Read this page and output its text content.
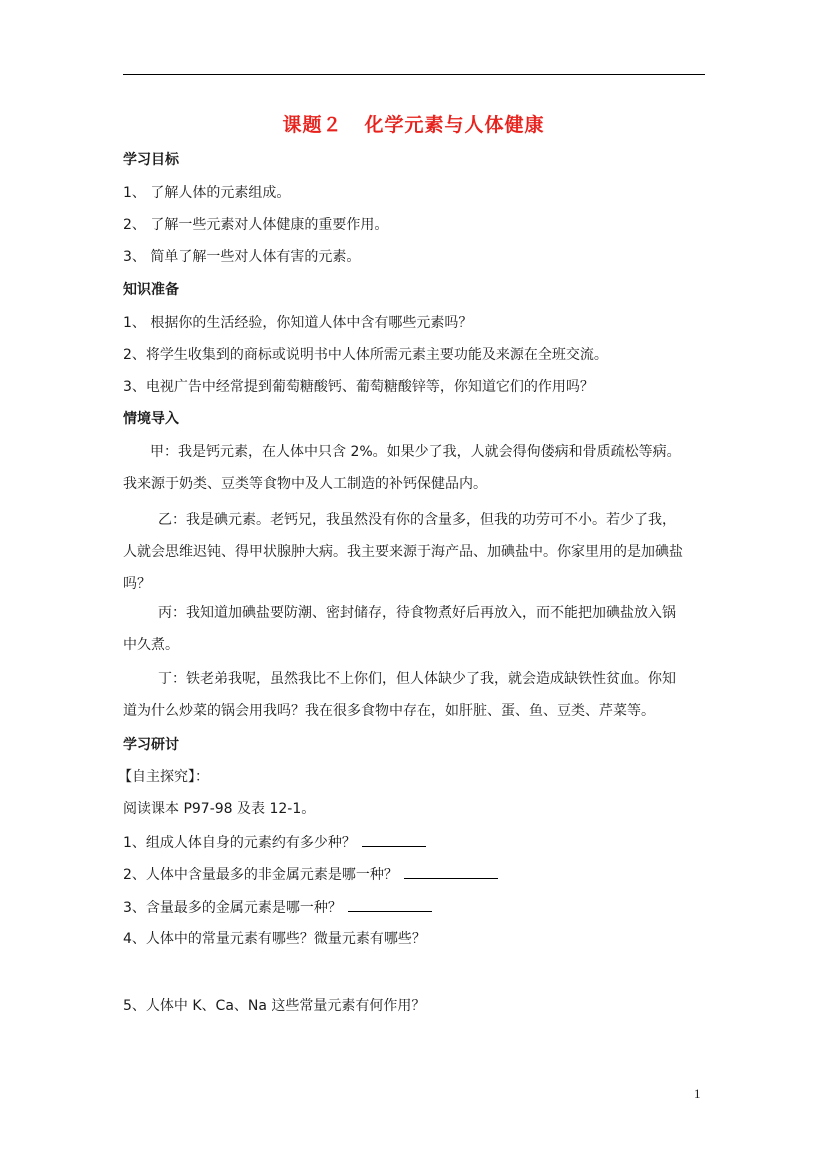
课题２ 化学元素与人体健康
学习目标
1、 了解人体的元素组成。
2、 了解一些元素对人体健康的重要作用。
3、 简单了解一些对人体有害的元素。
知识准备
1、 根据你的生活经验，你知道人体中含有哪些元素吗？
2、将学生收集到的商标或说明书中人体所需元素主要功能及来源在全班交流。
3、电视广告中经常提到葡萄糖酸钙、葡萄糖酸锌等，你知道它们的作用吗？
情境导入
甲：我是钙元素，在人体中只含 2%。如果少了我，人就会得佝偻病和骨质疏松等病。
我来源于奶类、豆类等食物中及人工制造的补钙保健品内。
乙：我是碘元素。老钙兄，我虽然没有你的含量多，但我的功劳可不小。若少了我，
人就会思维迟钝、得甲状腺肿大病。我主要来源于海产品、加碘盐中。你家里用的是加碘盐
吗？
丙：我知道加碘盐要防潮、密封储存，待食物煮好后再放入，而不能把加碘盐放入锅
中久煮。
丁：铁老弟我呢，虽然我比不上你们，但人体缺少了我，就会造成缺铁性贫血。你知
道为什么炒菜的锅会用我吗？我在很多食物中存在，如肝脏、蛋、鱼、豆类、芹菜等。
学习研讨
【自主探究】：
阅读课本 P97-98 及表 12-1。
1、组成人体自身的元素约有多少种？
2、人体中含量最多的非金属元素是哪一种？
3、含量最多的金属元素是哪一种？
4、人体中的常量元素有哪些？微量元素有哪些？
5、人体中 K、Ca、Na 这些常量元素有何作用？
1
